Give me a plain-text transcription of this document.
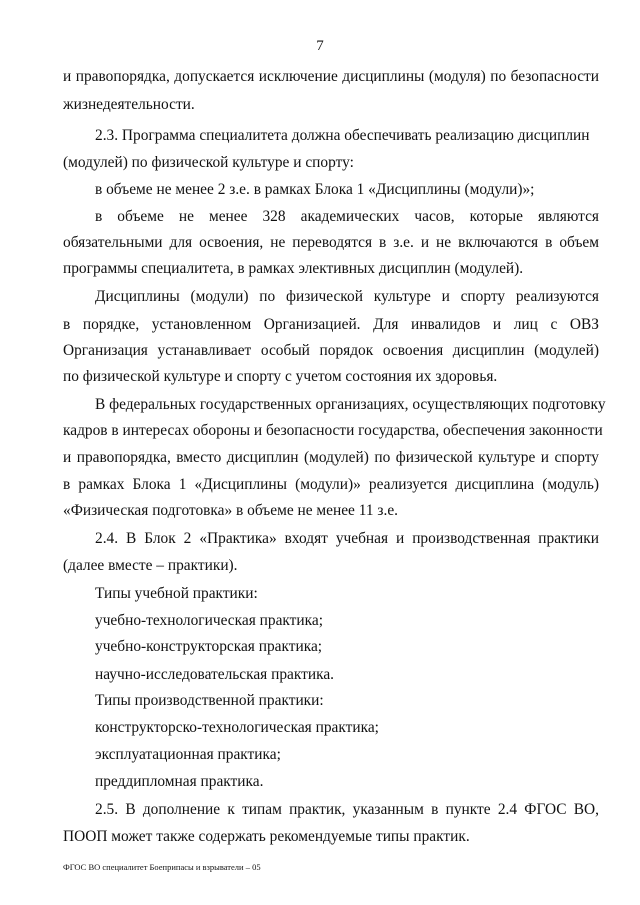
7
и правопорядка, допускается исключение дисциплины (модуля) по безопасности
жизнедеятельности.
2.3. Программа специалитета должна обеспечивать реализацию дисциплин
(модулей) по физической культуре и спорту:
в объеме не менее 2 з.е. в рамках Блока 1 «Дисциплины (модули)»;
в объеме не менее 328 академических часов, которые являются
обязательными для освоения, не переводятся в з.е. и не включаются в объем
программы специалитета, в рамках элективных дисциплин (модулей).
Дисциплины (модули) по физической культуре и спорту реализуются
в порядке, установленном Организацией. Для инвалидов и лиц с ОВЗ
Организация устанавливает особый порядок освоения дисциплин (модулей)
по физической культуре и спорту с учетом состояния их здоровья.
В федеральных государственных организациях, осуществляющих подготовку
кадров в интересах обороны и безопасности государства, обеспечения законности
и правопорядка, вместо дисциплин (модулей) по физической культуре и спорту
в рамках Блока 1 «Дисциплины (модули)» реализуется дисциплина (модуль)
«Физическая подготовка» в объеме не менее 11 з.е.
2.4. В Блок 2 «Практика» входят учебная и производственная практики
(далее вместе – практики).
Типы учебной практики:
учебно-технологическая практика;
учебно-конструкторская практика;
научно-исследовательская практика.
Типы производственной практики:
конструкторско-технологическая практика;
эксплуатационная практика;
преддипломная практика.
2.5. В дополнение к типам практик, указанным в пункте 2.4 ФГОС ВО,
ПООП может также содержать рекомендуемые типы практик.
ФГОС ВО специалитет Боеприпасы и взрыватели – 05
